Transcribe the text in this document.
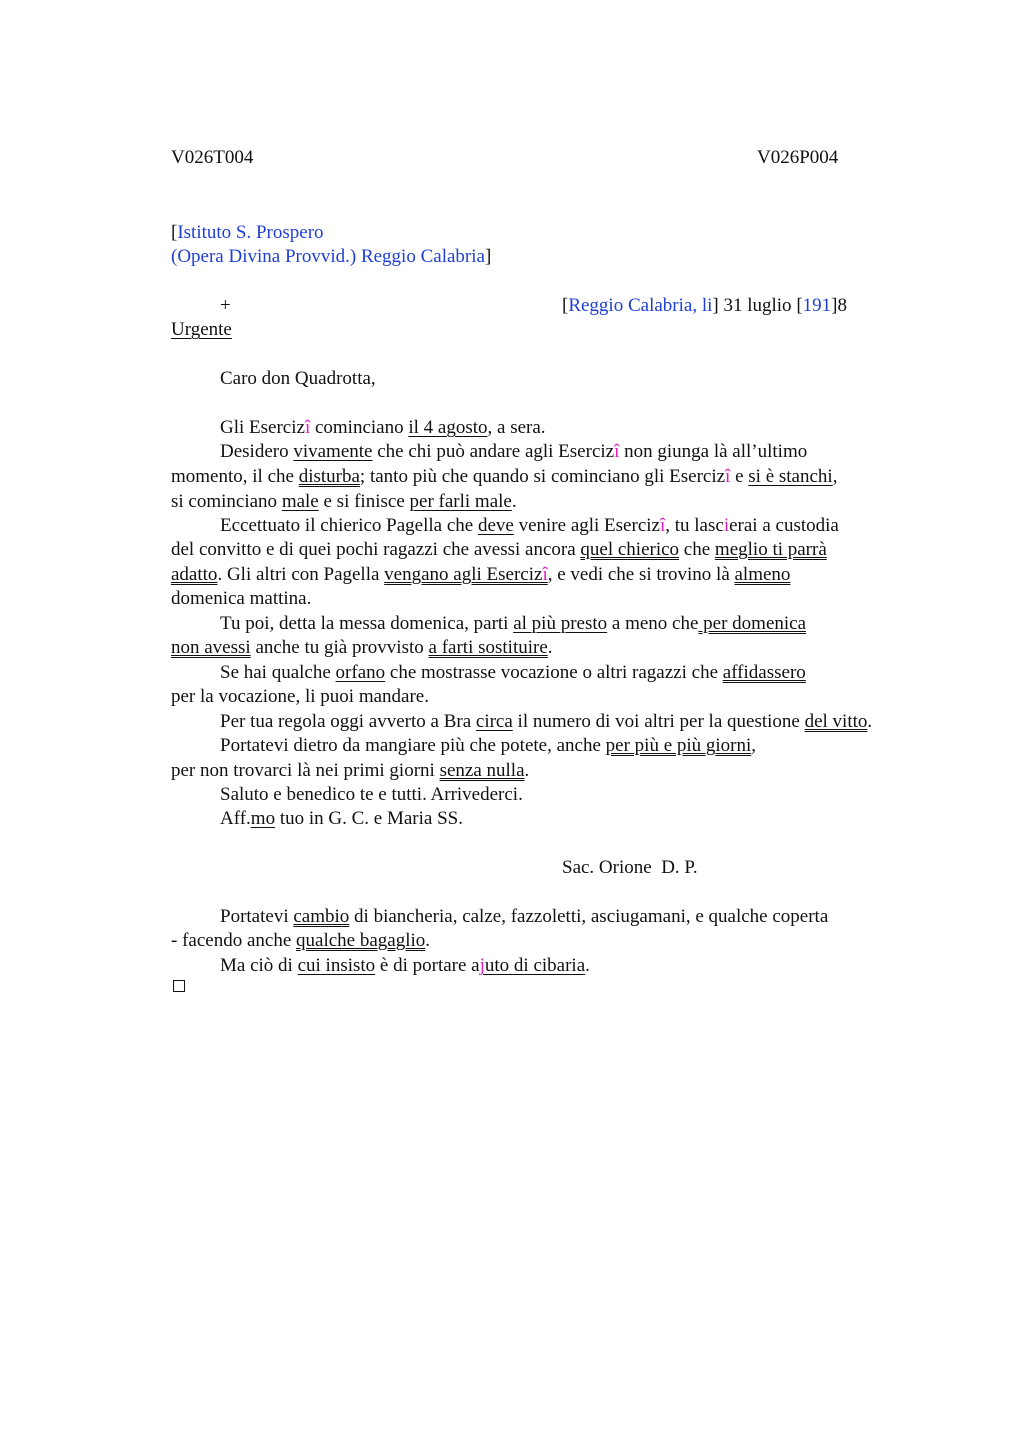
V026T004	V026P004
[Istituto S. Prospero
(Opera Divina Provvid.) Reggio Calabria]
+	[Reggio Calabria, li] 31 luglio [191]8
Urgente
Caro don Quadrotta,
Gli Esercizî cominciano il 4 agosto, a sera.
Desidero vivamente che chi può andare agli Esercizî non giunga là all’ultimo
momento, il che disturba; tanto più che quando si cominciano gli Esercizî e si è stanchi,
si cominciano male e si finisce per farli male.
Eccettuato il chierico Pagella che deve venire agli Esercizî, tu lascierai a custodia
del convitto e di quei pochi ragazzi che avessi ancora quel chierico che meglio ti parrà
adatto. Gli altri con Pagella vengano agli Esercizî, e vedi che si trovino là almeno
domenica mattina.
Tu poi, detta la messa domenica, parti al più presto a meno che per domenica
non avessi anche tu già provvisto a farti sostituire.
Se hai qualche orfano che mostrasse vocazione o altri ragazzi che affidassero
per la vocazione, li puoi mandare.
Per tua regola oggi avverto a Bra circa il numero di voi altri per la questione del vitto.
Portatevi dietro da mangiare più che potete, anche per più e più giorni,
per non trovarci là nei primi giorni senza nulla.
Saluto e benedico te e tutti. Arrivederci.
Aff.mo tuo in G. C. e Maria SS.
Sac. Orione  D. P.
Portatevi cambio di biancheria, calze, fazzoletti, asciugamani, e qualche coperta
- facendo anche qualche bagaglio.
Ma ciò di cui insisto è di portare ajuto di cibaria.
